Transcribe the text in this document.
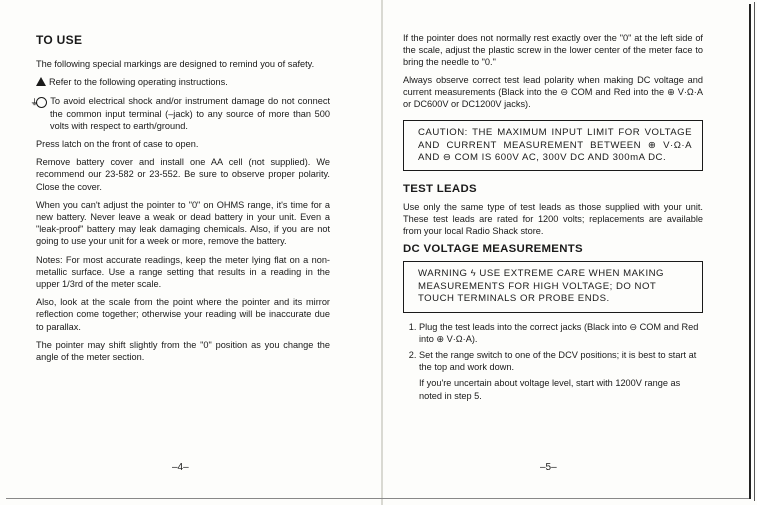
TO USE

The following special markings are designed to remind you of safety.

Refer to the following operating instructions.

⏚ To avoid electrical shock and/or instrument damage do not connect the common input terminal (–jack) to any source of more than 500 volts with respect to earth/ground.

Press latch on the front of case to open.

Remove battery cover and install one AA cell (not supplied). We recommend our 23-582 or 23-552. Be sure to observe proper polarity. Close the cover.

When you can't adjust the pointer to "0" on OHMS range, it's time for a new battery. Never leave a weak or dead battery in your unit. Even a "leak-proof" battery may leak damaging chemicals. Also, if you are not going to use your unit for a week or more, remove the battery.

Notes: For most accurate readings, keep the meter lying flat on a non-metallic surface. Use a range setting that results in a reading in the upper 1/3rd of the meter scale.

Also, look at the scale from the point where the pointer and its mirror reflection come together; otherwise your reading will be inaccurate due to parallax.

The pointer may shift slightly from the "0" position as you change the angle of the meter section.

–4–

If the pointer does not normally rest exactly over the "0" at the left side of the scale, adjust the plastic screw in the lower center of the meter face to bring the needle to "0."

Always observe correct test lead polarity when making DC voltage and current measurements (Black into the ⊖ COM and Red into the ⊕ V·Ω·A or DC600V or DC1200V jacks).

CAUTION: THE MAXIMUM INPUT LIMIT FOR VOLTAGE AND CURRENT MEASUREMENT BETWEEN ⊕ V·Ω·A AND ⊖ COM IS 600V AC, 300V DC AND 300mA DC.
TEST LEADS

Use only the same type of test leads as those supplied with your unit. These test leads are rated for 1200 volts; replacements are available from your local Radio Shack store.

DC VOLTAGE MEASUREMENTS
WARNING ϟ USE EXTREME CARE WHEN MAKING MEASUREMENTS FOR HIGH VOLTAGE; DO NOT TOUCH TERMINALS OR PROBE ENDS.
1. Plug the test leads into the correct jacks (Black into ⊖ COM and Red into ⊕ V·Ω·A).
2. Set the range switch to one of the DCV positions; it is best to start at the top and work down.
If you're uncertain about voltage level, start with 1200V range as noted in step 5.
–5–
